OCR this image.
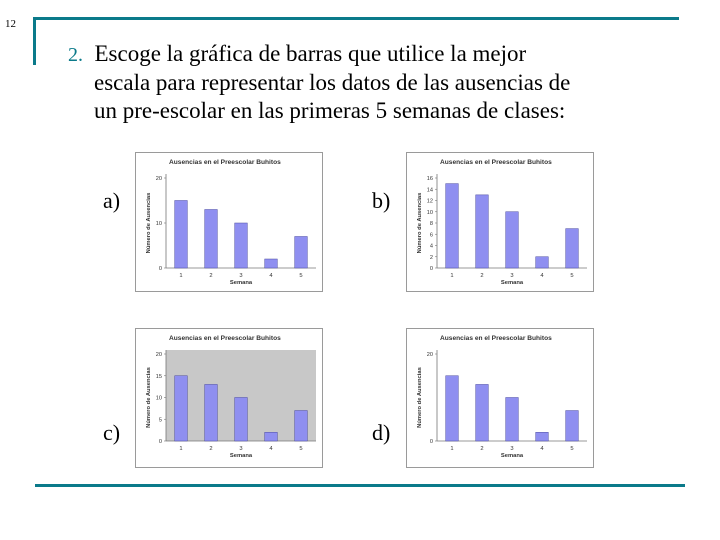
12
2. Escoge la gráfica de barras que utilice la mejor
escala para representar los datos de las ausencias de
un pre-escolar en las primeras 5 semanas de clases:
a)	b)
c)	d)
Ausencias en el Preescolar Buhitos
0
10
20
Número de Ausencias
1	2	3	4	5
Semana
Ausencias en el Preescolar Buhitos
0
2
4
6
8
10
12
14
16
Número de Ausencias
1	2	3	4	5
Semana
Ausencias en el Preescolar Buhitos
0
5
10
15
20
Número de Ausencias
1	2	3	4	5
Semana
Ausencias en el Preescolar Buhitos
0
20
Número de Ausencias
1	2	3	4	5
Semana
